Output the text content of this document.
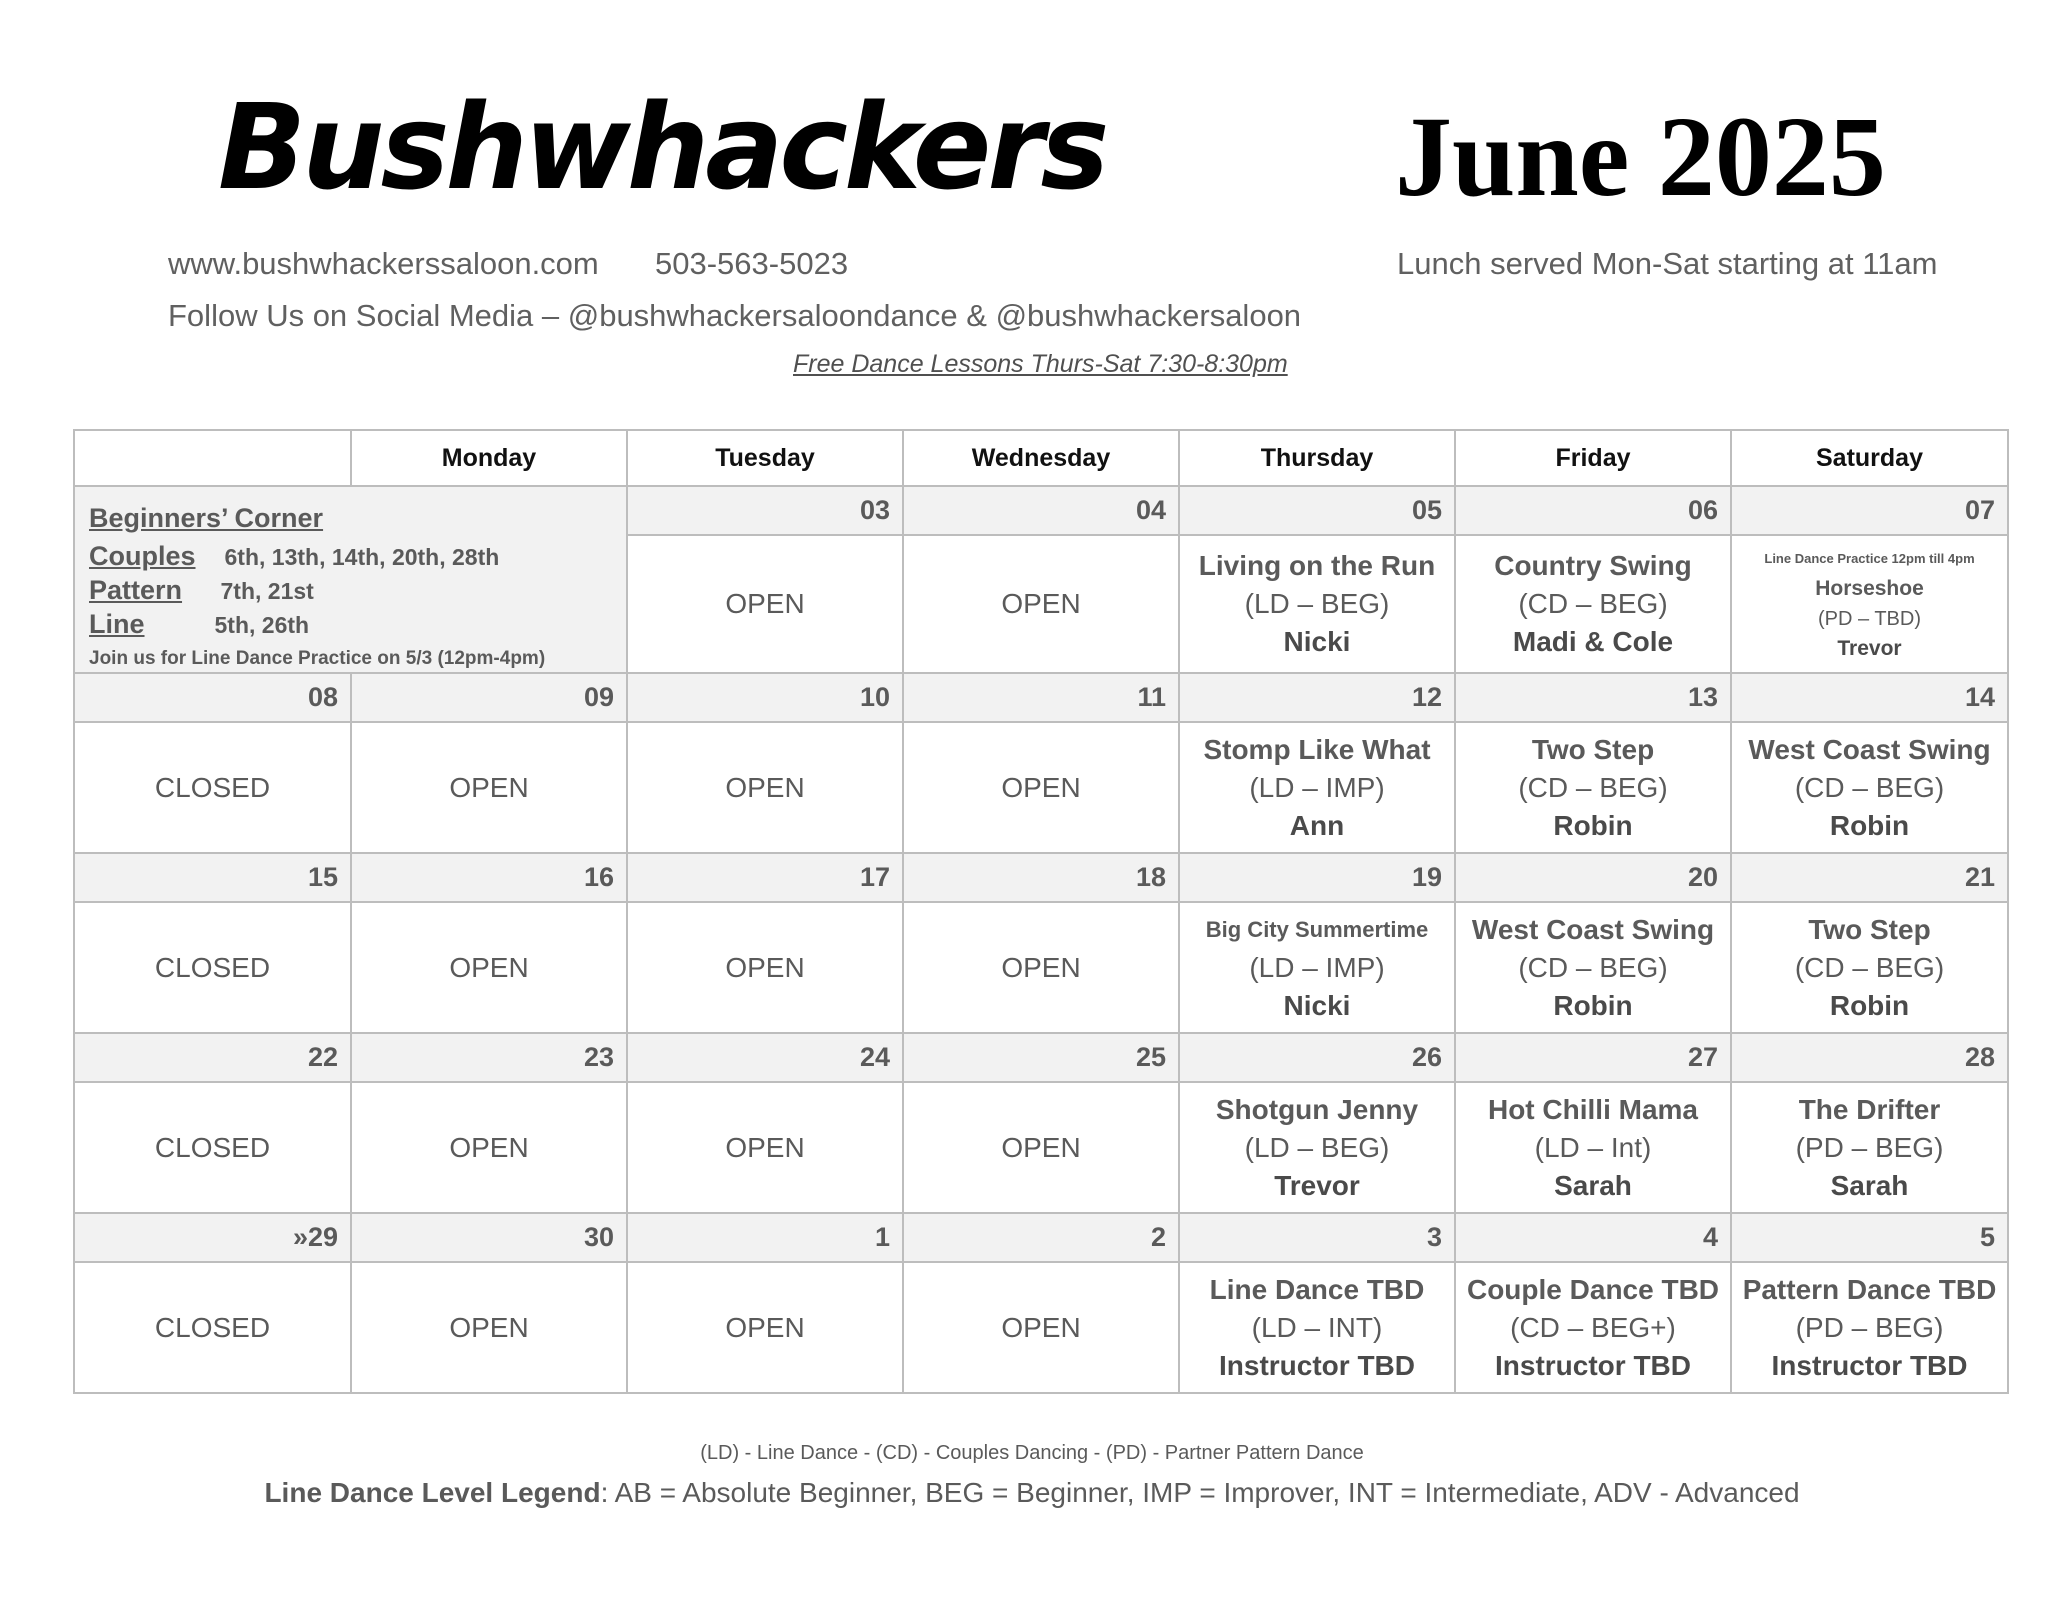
Bushwhackers	June 2025
www.bushwhackerssaloon.com 503-563-5023	Lunch served Mon-Sat starting at 11am
Follow Us on Social Media – @bushwhackersaloondance & @bushwhackersaloon
Free Dance Lessons Thurs-Sat 7:30-8:30pm
	Monday	Tuesday	Wednesday	Thursday	Friday	Saturday

Beginners’ Corner
Couples 6th, 13th, 14th, 20th, 28th
Pattern 7th, 21st
Line 5th, 26th
Join us for Line Dance Practice on 5/3 (12pm-4pm)		03	04	05	06	07
		OPEN	OPEN	Living on the Run
(LD – BEG)
Nicki	Country Swing
(CD – BEG)
Madi & Cole	Line Dance Practice 12pm till 4pm
Horseshoe
(PD – TBD)
Trevor

08	09	10	11	12	13	14
CLOSED	OPEN	OPEN	OPEN	Stomp Like What
(LD – IMP)
Ann	Two Step
(CD – BEG)
Robin	West Coast Swing
(CD – BEG)
Robin

15	16	17	18	19	20	21
CLOSED	OPEN	OPEN	OPEN	Big City Summertime
(LD – IMP)
Nicki	West Coast Swing
(CD – BEG)
Robin	Two Step
(CD – BEG)
Robin

22	23	24	25	26	27	28
CLOSED	OPEN	OPEN	OPEN	Shotgun Jenny
(LD – BEG)
Trevor	Hot Chilli Mama
(LD – Int)
Sarah	The Drifter
(PD – BEG)
Sarah

»29	30	1	2	3	4	5
CLOSED	OPEN	OPEN	OPEN	Line Dance TBD
(LD – INT)
Instructor TBD	Couple Dance TBD
(CD – BEG+)
Instructor TBD	Pattern Dance TBD
(PD – BEG)
Instructor TBD
(LD) - Line Dance - (CD) - Couples Dancing - (PD) - Partner Pattern Dance
Line Dance Level Legend: AB = Absolute Beginner, BEG = Beginner, IMP = Improver, INT = Intermediate, ADV - Advanced
